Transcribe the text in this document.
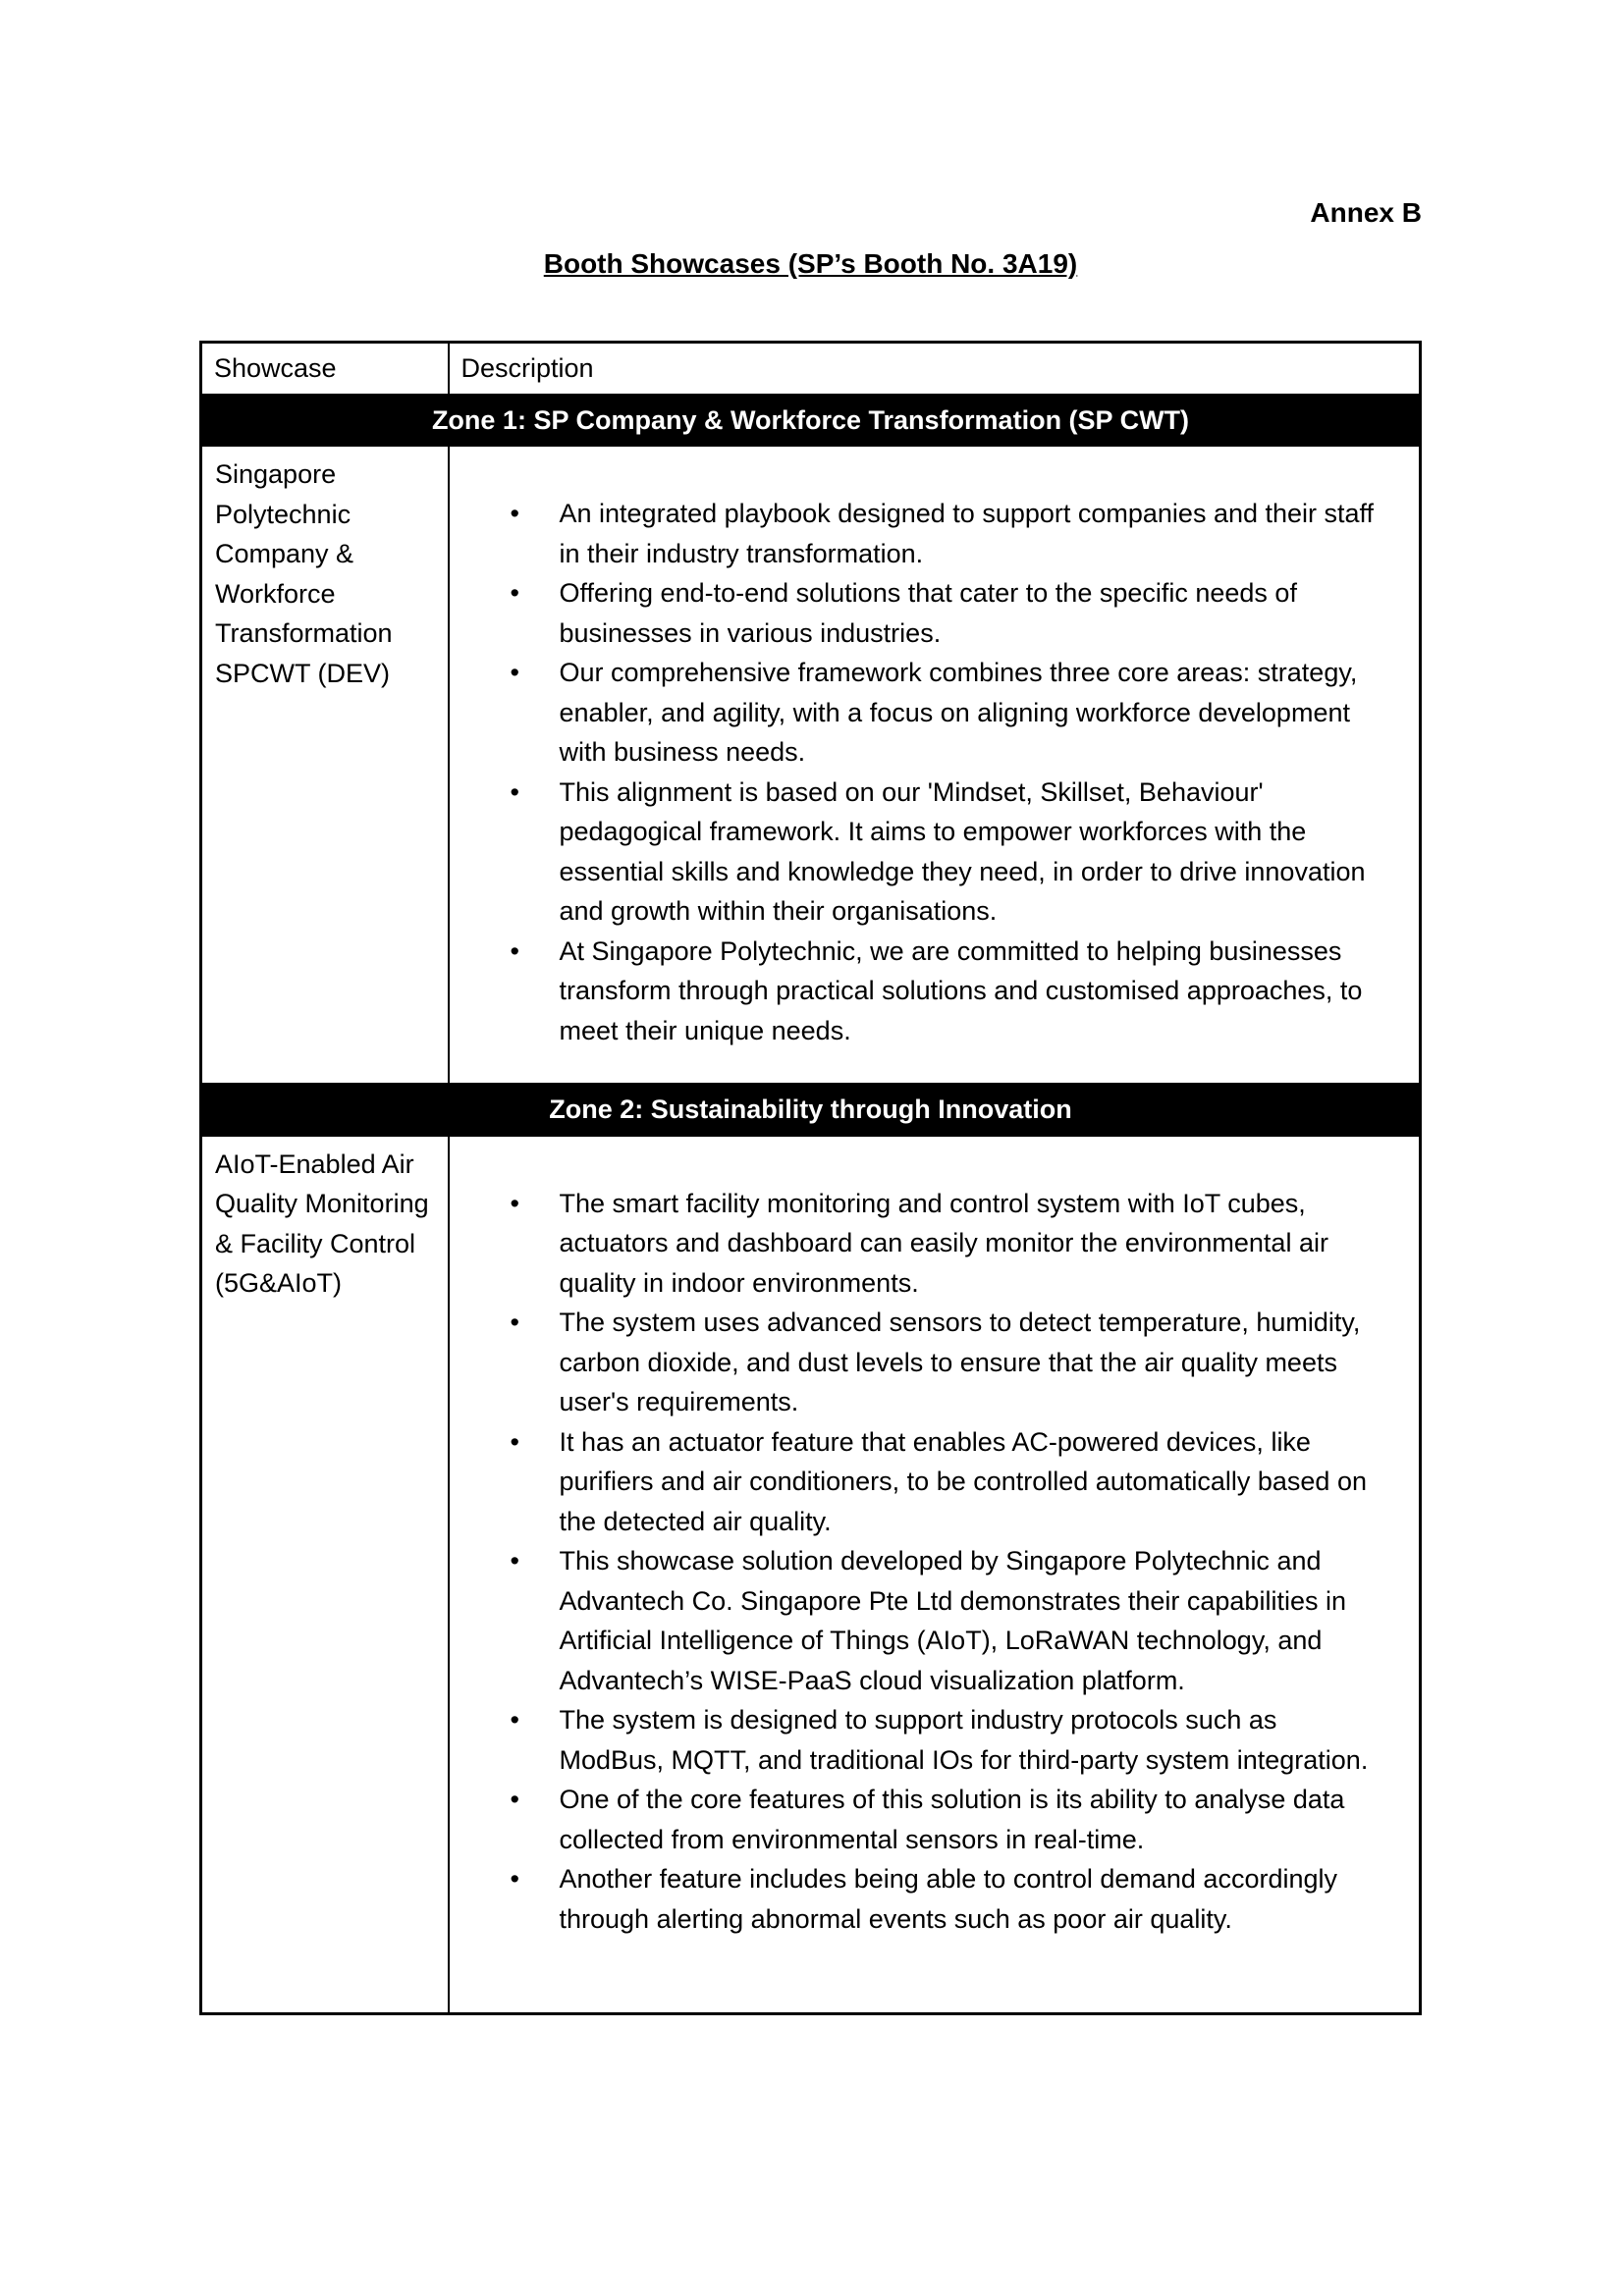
Annex B
Booth Showcases (SP’s Booth No. 3A19)
Showcase	Description
Zone 1: SP Company & Workforce Transformation (SP CWT)	
Singapore Polytechnic Company & Workforce Transformation SPCWT (DEV)	
• An integrated playbook designed to support companies and their staff in their industry transformation.
• Offering end-to-end solutions that cater to the specific needs of businesses in various industries.
• Our comprehensive framework combines three core areas: strategy, enabler, and agility, with a focus on aligning workforce development with business needs.
• This alignment is based on our 'Mindset, Skillset, Behaviour' pedagogical framework. It aims to empower workforces with the essential skills and knowledge they need, in order to drive innovation and growth within their organisations.
• At Singapore Polytechnic, we are committed to helping businesses transform through practical solutions and customised approaches, to meet their unique needs.

Zone 2: Sustainability through Innovation	
AIoT-Enabled Air Quality Monitoring & Facility Control (5G&AIoT)	
• The smart facility monitoring and control system with IoT cubes, actuators and dashboard can easily monitor the environmental air quality in indoor environments.
• The system uses advanced sensors to detect temperature, humidity, carbon dioxide, and dust levels to ensure that the air quality meets user's requirements.
• It has an actuator feature that enables AC-powered devices, like purifiers and air conditioners, to be controlled automatically based on the detected air quality.
• This showcase solution developed by Singapore Polytechnic and Advantech Co. Singapore Pte Ltd demonstrates their capabilities in Artificial Intelligence of Things (AIoT), LoRaWAN technology, and Advantech’s WISE-PaaS cloud visualization platform.
• The system is designed to support industry protocols such as ModBus, MQTT, and traditional IOs for third-party system integration.
• One of the core features of this solution is its ability to analyse data collected from environmental sensors in real-time.
• Another feature includes being able to control demand accordingly through alerting abnormal events such as poor air quality.
